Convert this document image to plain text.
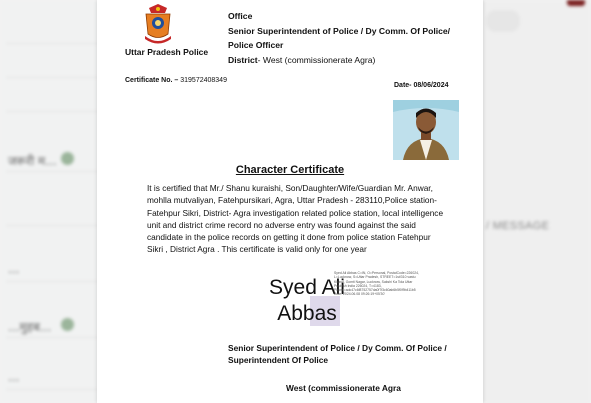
जरूरी म...
...
...मुहब...
...
/ MESSAGE
Uttar Pradesh Police
Office
Senior Superintendent of Police / Dy Comm. Of Police/
Police Officer
District- West (commissionerate Agra)
Certificate No. – 319572408349
Date- 08/06/2024
Character Certificate
It is certified that Mr./ Shanu kuraishi, Son/Daughter/Wife/Guardian Mr. Anwar, mohlla mutvaliyan, Fatehpursikari, Agra, Uttar Pradesh - 283110,Police station- Fatehpur Sikri, District- Agra investigation related police station, local intelligence unit and district crime record no adverse entry was found against the said candidate in the police records on getting it done from police station Fatehpur Sikri , District Agra . This certificate is valid only for one year
Syed Ali
Abbas
Syed Ali Abbas C=IN, O=Personal, PostalCode=226024, L=Lucknow, S=Uttar Pradesh, STREET=1st/310 vastu Khand, Gomti Nagar, Lucknow, Sakshi Ka Tola Uttar Pradesh India 226024, T=4183, Phone=adc47c6f8752757da0f7f3c60ab6b5f0f9b411b5 Date: 2024.06.08 09:26:19+05'30'
Senior Superintendent of Police / Dy Comm. Of Police /
Superintendent Of Police
West (commissionerate Agra
